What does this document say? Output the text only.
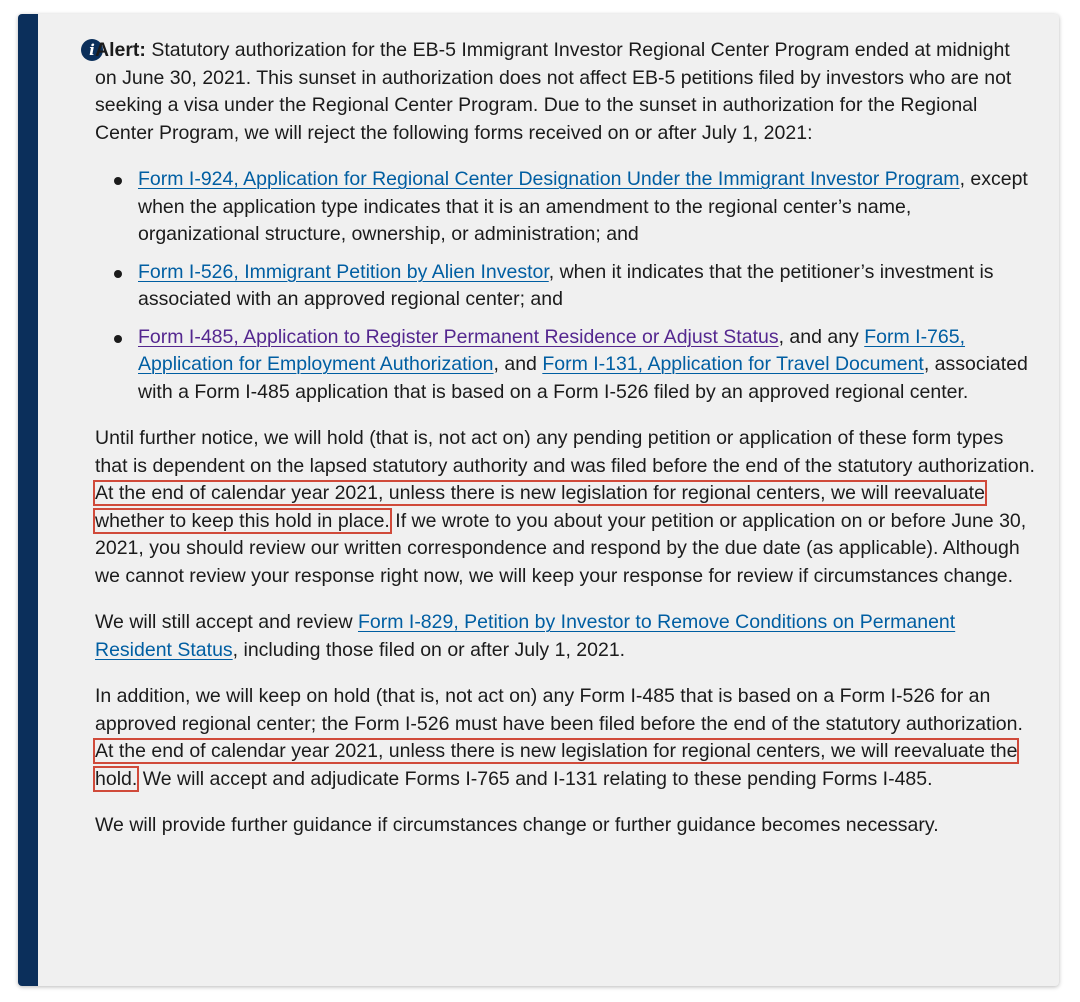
i Alert: Statutory authorization for the EB-5 Immigrant Investor Regional Center Program ended at midnight on June 30, 2021. This sunset in authorization does not affect EB-5 petitions filed by investors who are not seeking a visa under the Regional Center Program. Due to the sunset in authorization for the Regional Center Program, we will reject the following forms received on or after July 1, 2021:

Form I-924, Application for Regional Center Designation Under the Immigrant Investor Program, except when the application type indicates that it is an amendment to the regional center’s name, organizational structure, ownership, or administration; and
Form I-526, Immigrant Petition by Alien Investor, when it indicates that the petitioner’s investment is associated with an approved regional center; and
Form I-485, Application to Register Permanent Residence or Adjust Status, and any Form I-765, Application for Employment Authorization, and Form I-131, Application for Travel Document, associated with a Form I-485 application that is based on a Form I-526 filed by an approved regional center.

Until further notice, we will hold (that is, not act on) any pending petition or application of these form types that is dependent on the lapsed statutory authority and was filed before the end of the statutory authorization. At the end of calendar year 2021, unless there is new legislation for regional centers, we will reevaluate whether to keep this hold in place. If we wrote to you about your petition or application on or before June 30, 2021, you should review our written correspondence and respond by the due date (as applicable). Although we cannot review your response right now, we will keep your response for review if circumstances change.

We will still accept and review Form I-829, Petition by Investor to Remove Conditions on Permanent Resident Status, including those filed on or after July 1, 2021.

In addition, we will keep on hold (that is, not act on) any Form I-485 that is based on a Form I-526 for an approved regional center; the Form I-526 must have been filed before the end of the statutory authorization. At the end of calendar year 2021, unless there is new legislation for regional centers, we will reevaluate the hold. We will accept and adjudicate Forms I-765 and I-131 relating to these pending Forms I-485.

We will provide further guidance if circumstances change or further guidance becomes necessary.
